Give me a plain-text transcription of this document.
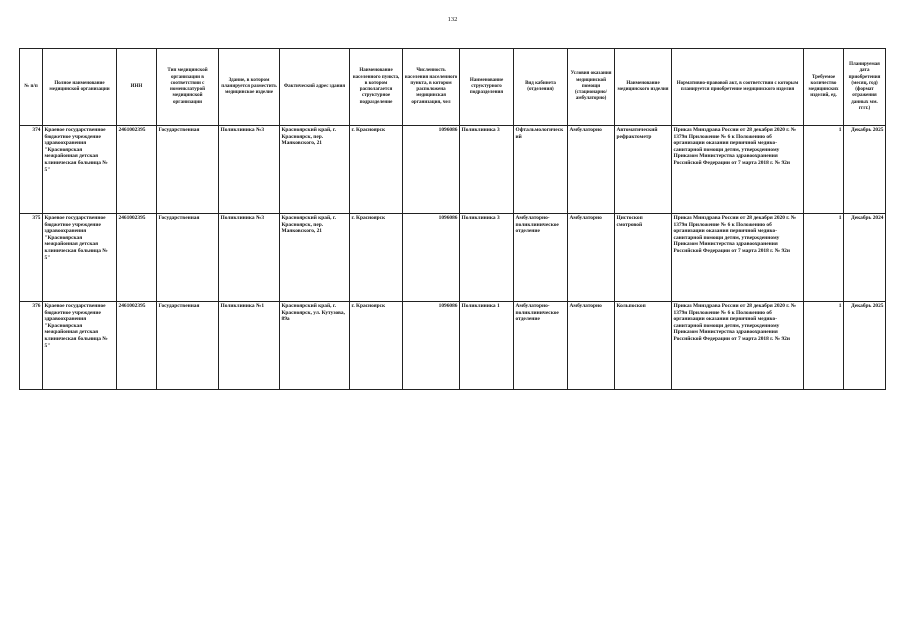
132
№ п/п	Полное наименование медицинской организации	ИНН	Тип медицинской организации в соответствии с номенклатурой медицинской организации	Здание, в котором планируется разместить медицинское изделие	Фактический адрес здания	Наименование населенного пункта, в котором располагается структурное подразделение	Численность населения населенного пункта, в котором расположена медицинская организация, чел	Наименование структурного подразделения	Вид кабинета (отделения)	Условия оказания медицинской помощи (стационарно/ амбулаторно)	Наименование медицинского изделия	Нормативно-правовой акт, в соответствии с которым планируется приобретение медицинского изделия	Требуемое количество медицинских изделий, ед.	Планируемая дата приобретения (месяц, год) (формат отражения данных мм. гггг.)
374	Краевое государственное бюджетное учреждение здравоохранения "Красноярская межрайонная детская клиническая больница № 5"	2461002395	Государственная	Поликлиника №3	Красноярский край, г. Красноярск, пер. Маяковского, 21	г. Красноярск	1096086	Поликлиника 3	Офтальмологический	Амбулаторно	Автоматический рефрактометр	Приказ Минздрава России от 28 декабря 2020 г. № 1379н Приложение № 6 к Положению об организации оказания первичной медико-санитарной помощи детям, утвержденному Приказом Министерства здравоохранения Российской Федерации от 7 марта 2018 г. № 92н	1	Декабрь 2025
375	Краевое государственное бюджетное учреждение здравоохранения "Красноярская межрайонная детская клиническая больница № 5"	2461002395	Государственная	Поликлиника №3	Красноярский край, г. Красноярск, пер. Маяковского, 21	г. Красноярск	1096086	Поликлиника 3	Амбулаторно-поликлиническое отделение	Амбулаторно	Цистоскоп смотровой	Приказ Минздрава России от 28 декабря 2020 г. № 1379н Приложение № 6 к Положению об организации оказания первичной медико-санитарной помощи детям, утвержденному Приказом Министерства здравоохранения Российской Федерации от 7 марта 2018 г. № 92н	1	Декабрь 2024
376	Краевое государственное бюджетное учреждение здравоохранения "Красноярская межрайонная детская клиническая больница № 5"	2461002395	Государственная	Поликлиника №1	Красноярский край, г. Красноярск, ул. Кутузова, 89а	г. Красноярск	1096086	Поликлиника 1	Амбулаторно-поликлиническое отделение	Амбулаторно	Кольпоскоп	Приказ Минздрава России от 28 декабря 2020 г. № 1379н Приложение № 6 к Положению об организации оказания первичной медико-санитарной помощи детям, утвержденному Приказом Министерства здравоохранения Российской Федерации от 7 марта 2018 г. № 92н	1	Декабрь 2025
